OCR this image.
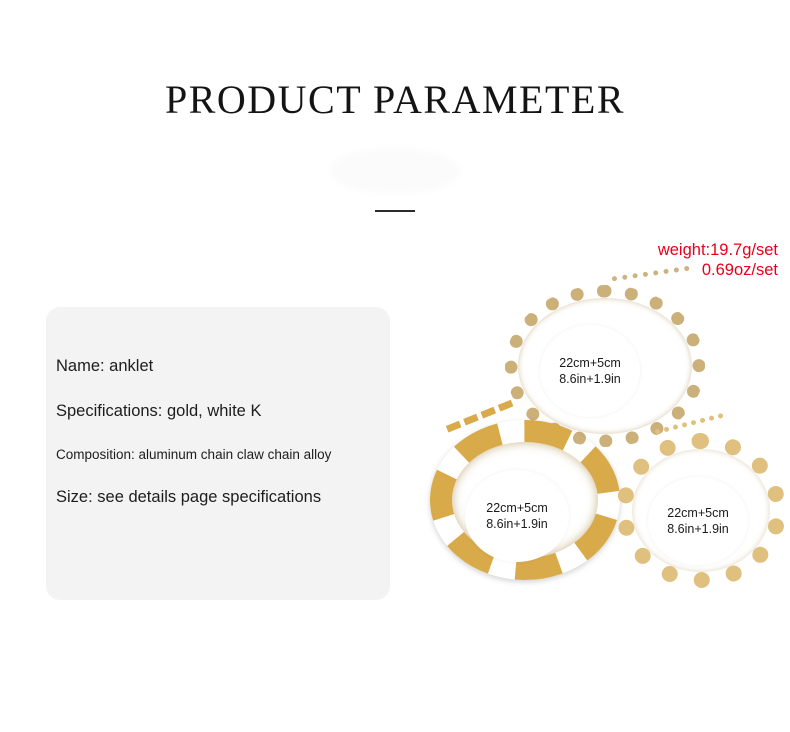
PRODUCT PARAMETER
weight:19.7g/set
0.69oz/set
Name: anklet
Specifications: gold, white K
Composition: aluminum chain claw chain alloy
Size: see details page specifications
22cm+5cm
8.6in+1.9in
22cm+5cm
8.6in+1.9in
22cm+5cm
8.6in+1.9in
